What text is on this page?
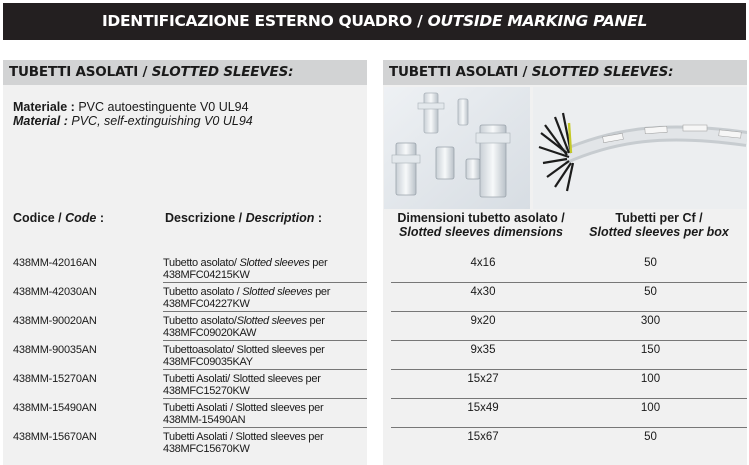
IDENTIFICAZIONE ESTERNO QUADRO / OUTSIDE MARKING PANEL
TUBETTI ASOLATI / SLOTTED SLEEVES:
Materiale : PVC autoestinguente V0 UL94
Material : PVC, self-extinguishing V0 UL94
Codice / Code :	Descrizione / Description :
438MM-42016AN	Tubetto asolato/ Slotted sleeves per
438MFC04215KW
438MM-42030AN	Tubetto asolato / Slotted sleeves per
438MFC04227KW
438MM-90020AN	Tubetto asolato/Slotted sleeves per
438MFC09020KAW
438MM-90035AN	Tubettoasolato/ Slotted sleeves per
438MFC09035KAY
438MM-15270AN	Tubetti Asolati/ Slotted sleeves per
438MFC15270KW
438MM-15490AN	Tubetti Asolati / Slotted sleeves per
438MM-15490AN
438MM-15670AN	Tubetti Asolati / Slotted sleeves per
438MFC15670KW
TUBETTI ASOLATI / SLOTTED SLEEVES:
Dimensioni tubetto asolato /
Slotted sleeves dimensions
Tubetti per Cf /
Slotted sleeves per box
4x16	50
4x30	50
9x20	300
9x35	150
15x27	100
15x49	100
15x67	50
